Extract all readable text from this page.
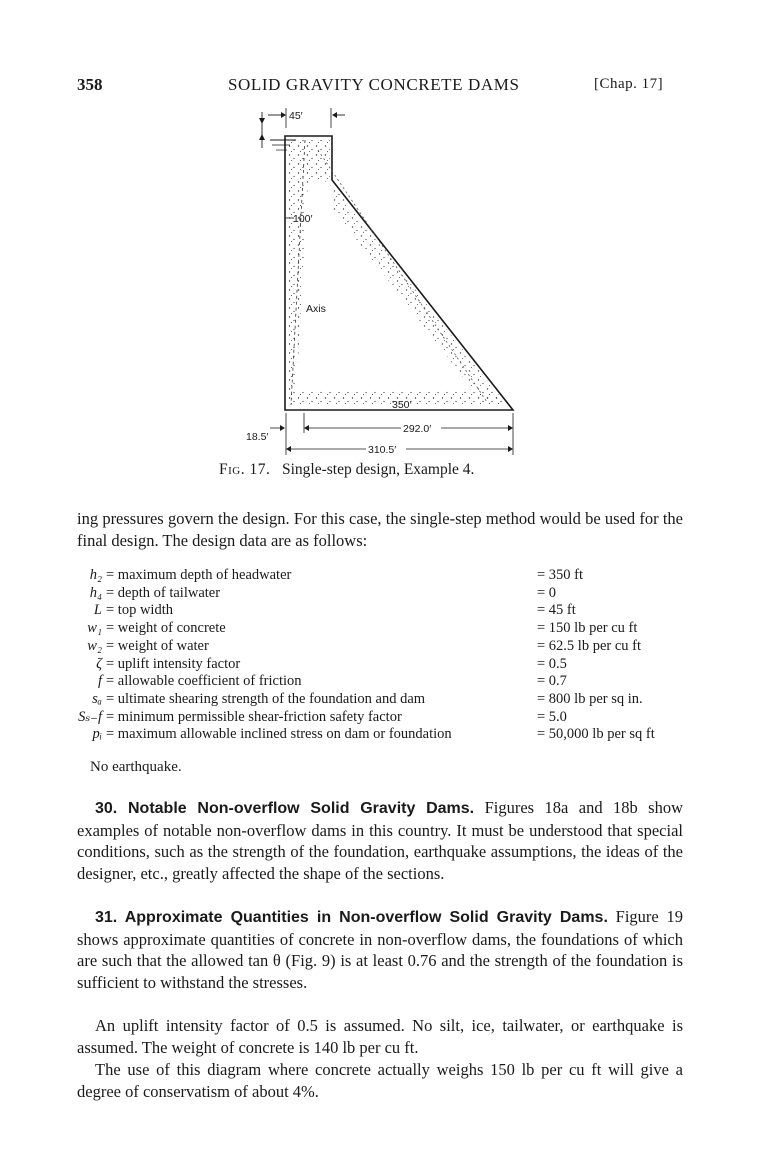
358	SOLID GRAVITY CONCRETE DAMS	[Chap. 17]
45′
100′
Axis
350′
292.0′
310.5′
18.5′
Fig. 17. Single-step design, Example 4.

ing pressures govern the design. For this case, the single-step method would be used for the final design. The design data are as follows:

h₂ = maximum depth of headwater	= 350 ft
h₄ = depth of tailwater	= 0
L = top width	= 45 ft
w₁ = weight of concrete	= 150 lb per cu ft
w₂ = weight of water	= 62.5 lb per cu ft
ζ = uplift intensity factor	= 0.5
f = allowable coefficient of friction	= 0.7
sₐ = ultimate shearing strength of the foundation and dam	= 800 lb per sq in.
Sₛ₋f = minimum permissible shear-friction safety factor	= 5.0
pᵢ = maximum allowable inclined stress on dam or foundation	= 50,000 lb per sq ft
No earthquake.

30. Notable Non-overflow Solid Gravity Dams. Figures 18a and 18b show examples of notable non-overflow dams in this country. It must be understood that special conditions, such as the strength of the foundation, earthquake assumptions, the ideas of the designer, etc., greatly affected the shape of the sections.

31. Approximate Quantities in Non-overflow Solid Gravity Dams. Figure 19 shows approximate quantities of concrete in non-overflow dams, the foundations of which are such that the allowed tan θ (Fig. 9) is at least 0.76 and the strength of the foundation is sufficient to withstand the stresses.

An uplift intensity factor of 0.5 is assumed. No silt, ice, tailwater, or earthquake is assumed. The weight of concrete is 140 lb per cu ft.

The use of this diagram where concrete actually weighs 150 lb per cu ft will give a degree of conservatism of about 4%.
